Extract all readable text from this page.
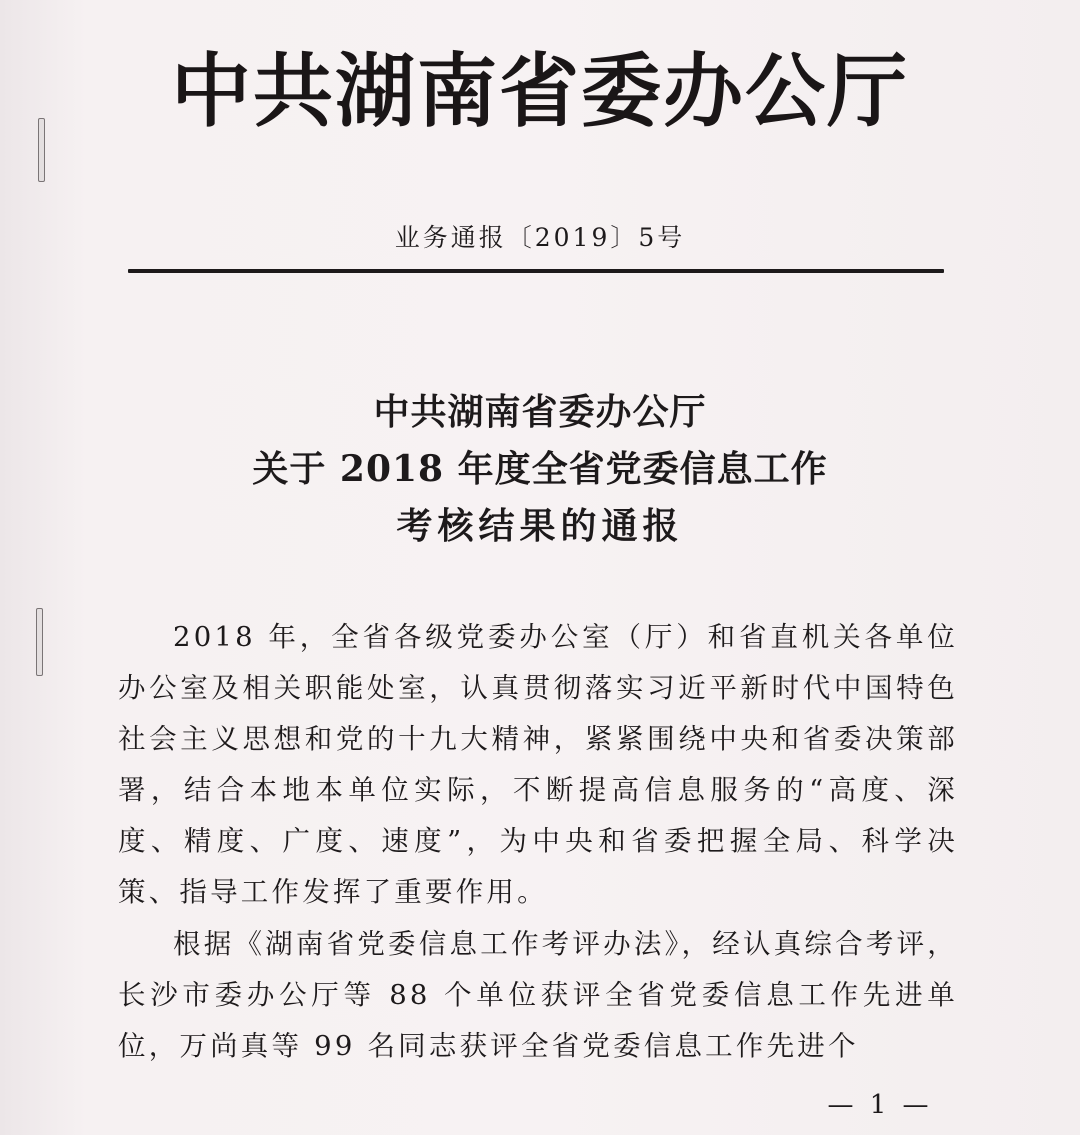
中共湖南省委办公厅
业务通报〔2019〕5号
中共湖南省委办公厅
关于 2018 年度全省党委信息工作
考核结果的通报

2018 年，全省各级党委办公室（厅）和省直机关各单位办公室及相关职能处室，认真贯彻落实习近平新时代中国特色社会主义思想和党的十九大精神，紧紧围绕中央和省委决策部署，结合本地本单位实际，不断提高信息服务的“高度、深度、精度、广度、速度”，为中央和省委把握全局、科学决策、指导工作发挥了重要作用。

根据《湖南省党委信息工作考评办法》，经认真综合考评，长沙市委办公厅等 88 个单位获评全省党委信息工作先进单位，万尚真等 99 名同志获评全省党委信息工作先进个

— 1 —
